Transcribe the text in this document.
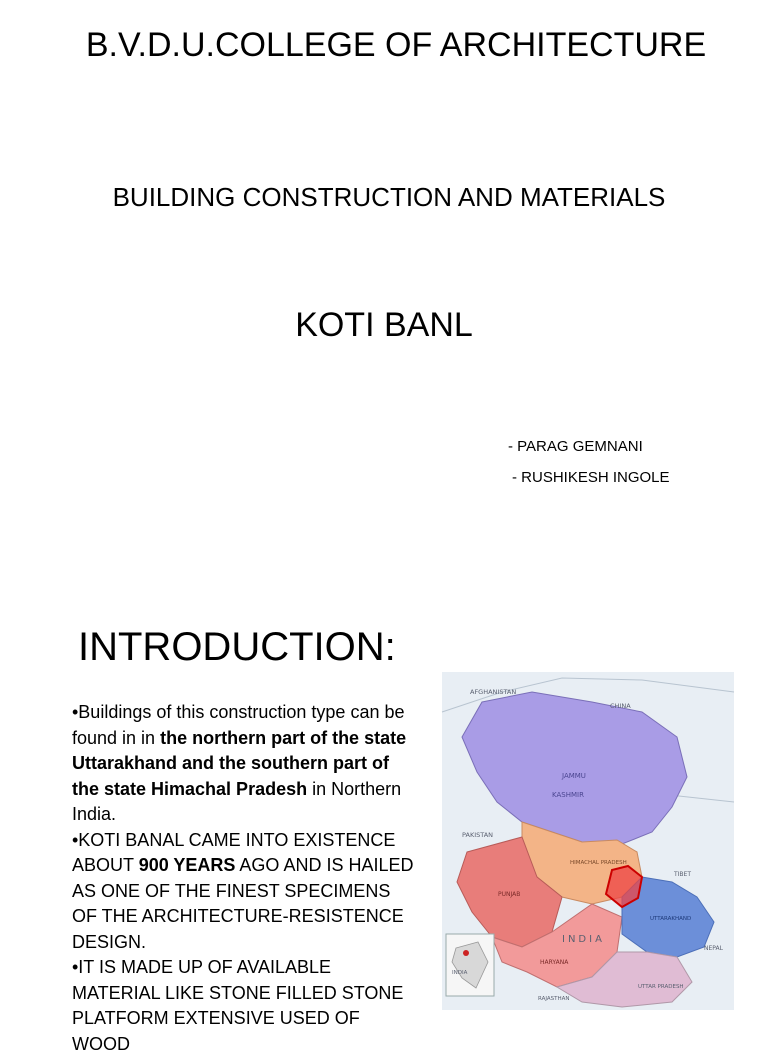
B.V.D.U.COLLEGE OF ARCHITECTURE
BUILDING CONSTRUCTION AND MATERIALS
KOTI BANL
- PARAG GEMNANI
- RUSHIKESH INGOLE
INTRODUCTION:

•Buildings of this construction type can be found in in the northern part of the state Uttarakhand and the southern part of the state Himachal Pradesh in Northern India.

•KOTI BANAL CAME INTO EXISTENCE ABOUT 900 YEARS AGO AND IS HAILED AS ONE OF THE FINEST SPECIMENS OF THE ARCHITECTURE-RESISTENCE DESIGN.

•IT IS MADE UP OF AVAILABLE MATERIAL LIKE STONE FILLED STONE PLATFORM EXTENSIVE USED OF WOOD

AFGHANISTAN
CHINA
JAMMU
KASHMIR
PAKISTAN
HIMACHAL PRADESH
TIBET
PUNJAB
UTTARAKHAND
INDIA
INDIA
HARYANA
NEPAL
RAJASTHAN
UTTAR PRADESH
